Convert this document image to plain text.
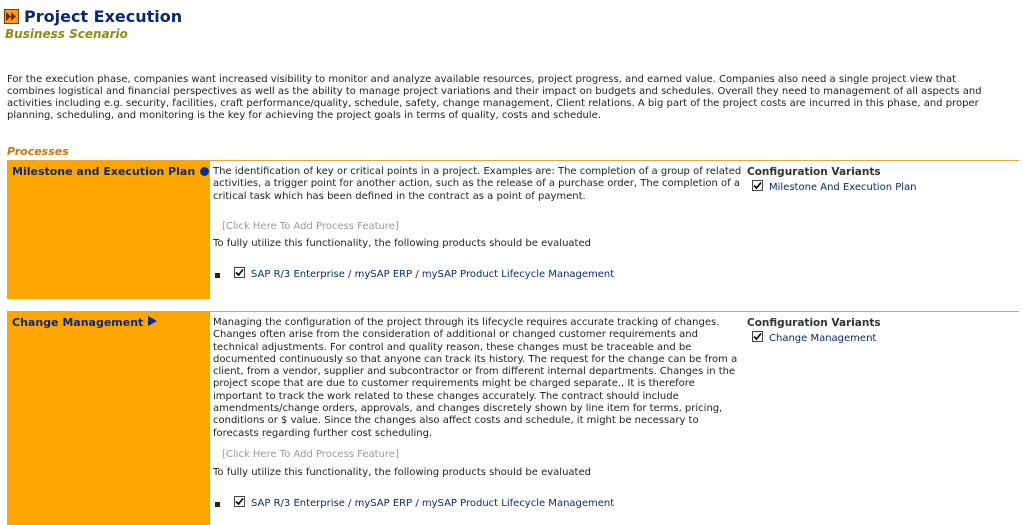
Project Execution
Business Scenario
For the execution phase, companies want increased visibility to monitor and analyze available resources, project progress, and earned value. Companies also need a single project view that combines logistical and financial perspectives as well as the ability to manage project variations and their impact on budgets and schedules. Overall they need to management of all aspects and activities including e.g. security, facilities, craft performance/quality, schedule, safety, change management, Client relations. A big part of the project costs are incurred in this phase, and proper planning, scheduling, and monitoring is the key for achieving the project goals in terms of quality, costs and schedule.
Processes
Milestone and Execution Plan The identification of key or critical points in a project. Examples are: The completion of a group of related activities, a trigger point for another action, such as the release of a purchase order, The completion of a critical task which has been defined in the contract as a point of payment.
[Click Here To Add Process Feature]
To fully utilize this functionality, the following products should be evaluated
SAP R/3 Enterprise / mySAP ERP / mySAP Product Lifecycle Management
Configuration Variants
Milestone And Execution Plan
Change Management	Managing the configuration of the project through its lifecycle requires accurate tracking of changes. Changes often arise from the consideration of additional or changed customer requirements and technical adjustments. For control and quality reason, these changes must be traceable and be documented continuously so that anyone can track its history. The request for the change can be from a client, from a vendor, supplier and subcontractor or from different internal departments. Changes in the project scope that are due to customer requirements might be charged separate., It is therefore important to track the work related to these changes accurately. The contract should include amendments/change orders, approvals, and changes discretely shown by line item for terms, pricing, conditions or $ value. Since the changes also affect costs and schedule, it might be necessary to forecasts regarding further cost scheduling.
[Click Here To Add Process Feature]
To fully utilize this functionality, the following products should be evaluated
SAP R/3 Enterprise / mySAP ERP / mySAP Product Lifecycle Management
Configuration Variants
Change Management
